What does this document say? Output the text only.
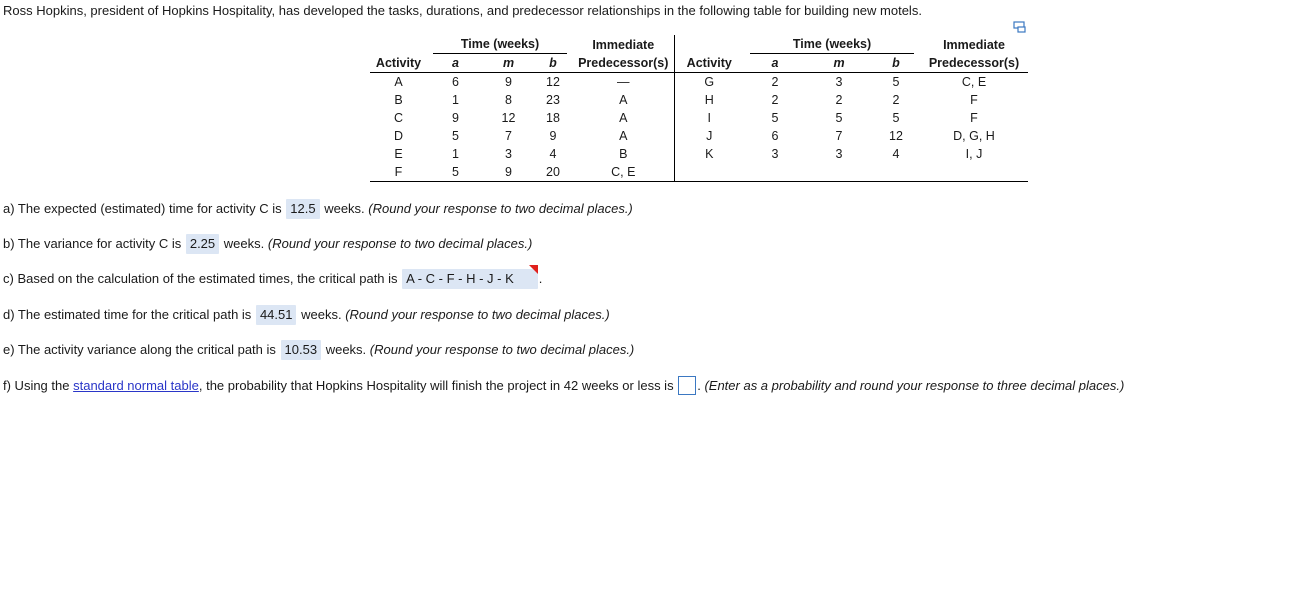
Ross Hopkins, president of Hopkins Hospitality, has developed the tasks, durations, and predecessor relationships in the following table for building new motels.

	Time (weeks)			Immediate		Time (weeks)			Immediate
Activity	a	m	b	Predecessor(s)	Activity	a	m	b	Predecessor(s)
A	6	9	12	—	G	2	3	5	C, E
B	1	8	23	A	H	2	2	2	F
C	9	12	18	A	I	5	5	5	F
D	5	7	9	A	J	6	7	12	D, G, H
E	1	3	4	B	K	3	3	4	I, J
F	5	9	20	C, E					
a) The expected (estimated) time for activity C is 12.5 weeks. (Round your response to two decimal places.)
b) The variance for activity C is 2.25 weeks. (Round your response to two decimal places.)
c) Based on the calculation of the estimated times, the critical path is A - C - F - H - J - K .
d) The estimated time for the critical path is 44.51 weeks. (Round your response to two decimal places.)
e) The activity variance along the critical path is 10.53 weeks. (Round your response to two decimal places.)
f) Using the standard normal table, the probability that Hopkins Hospitality will finish the project in 42 weeks or less is . (Enter as a probability and round your response to three decimal places.)
